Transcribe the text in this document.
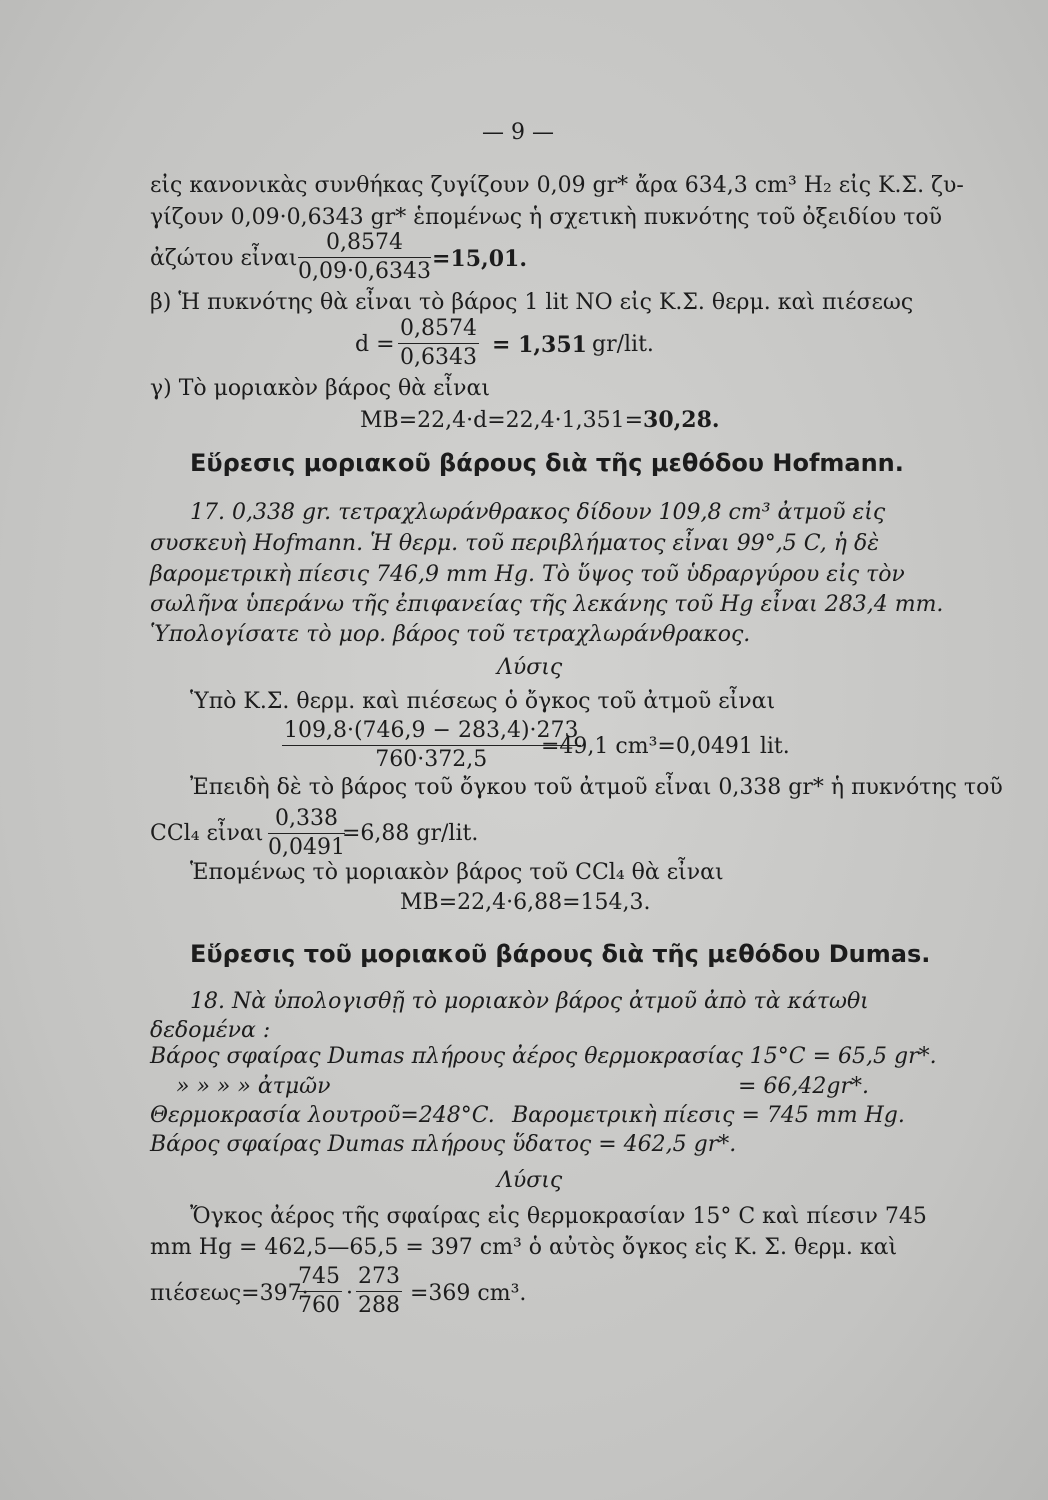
— 9 —
εἰς κανονικὰς συνθήκας ζυγίζουν 0,09 gr* ἄρα 634,3 cm³ H₂ εἰς Κ.Σ. ζυ-
γίζουν 0,09·0,6343 gr* ἑπομένως ἡ σχετικὴ πυκνότης τοῦ ὀξειδίου τοῦ
ἀζώτου εἶναι $\frac{0,8574}{0,09\cdot 0,6343} =15,01$.
β) Ἡ πυκνότης θὰ εἶναι τὸ βάρος 1 lit NO εἰς Κ.Σ. θερμ. καὶ πιέσεως
$d = \frac{0,8574}{0,6343} = 1,351$ gr/lit.
γ) Τὸ μοριακὸν βάρος θὰ εἶναι
MB=22,4·d=22,4·1,351=30,28.
Εὕρεσις μοριακοῦ βάρους διὰ τῆς μεθόδου Hofmann.
17. 0,338 gr. τετραχλωράνθρακος δίδουν 109,8 cm³ ἀτμοῦ εἰς
συσκευὴ Hofmann. Ἡ θερμ. τοῦ περιβλήματος εἶναι 99°,5 C, ἡ δὲ
βαρομετρικὴ πίεσις 746,9 mm Hg. Τὸ ὕψος τοῦ ὑδραργύρου εἰς τὸν
σωλῆνα ὑπεράνω τῆς ἐπιφανείας τῆς λεκάνης τοῦ Hg εἶναι 283,4 mm.
Ὑπολογίσατε τὸ μορ. βάρος τοῦ τετραχλωράνθρακος.
Λύσις
Ὑπὸ Κ.Σ. θερμ. καὶ πιέσεως ὁ ὄγκος τοῦ ἀτμοῦ εἶναι
$\frac{109,8\cdot(746,9 - 283,4)\cdot 273}{760\cdot 372,5}$
=49,1 cm³=0,0491 lit.
Ἐπειδὴ δὲ τὸ βάρος τοῦ ὄγκου τοῦ ἀτμοῦ εἶναι 0,338 gr* ἡ πυκνότης τοῦ
CCl₄ εἶναι $\frac{0,338}{0,0491}$
=6,88 gr/lit.
Ἑπομένως τὸ μοριακὸν βάρος τοῦ CCl₄ θὰ εἶναι
MB=22,4·6,88=154,3.
Εὕρεσις τοῦ μοριακοῦ βάρους διὰ τῆς μεθόδου Dumas.
18. Νὰ ὑπολογισθῇ τὸ μοριακὸν βάρος ἀτμοῦ ἀπὸ τὰ κάτωθι
δεδομένα :
Βάρος σφαίρας Dumas πλήρους ἀέρος θερμοκρασίας 15°C = 65,5 gr*.
» » » » ἀτμῶν	= 66,42gr*.
Θερμοκρασία λουτροῦ=248°C. Βαρομετρικὴ πίεσις = 745 mm Hg.
Βάρος σφαίρας Dumas πλήρους ὕδατος = 462,5 gr*.
Λύσις
Ὄγκος ἀέρος τῆς σφαίρας εἰς θερμοκρασίαν 15° C καὶ πίεσιν 745
mm Hg = 462,5—65,5 = 397 cm³ ὁ αὐτὸς ὄγκος εἰς Κ. Σ. θερμ. καὶ
πιέσεως=397·
$\frac{745}{760} \cdot \frac{273}{288} =369$ cm³.
